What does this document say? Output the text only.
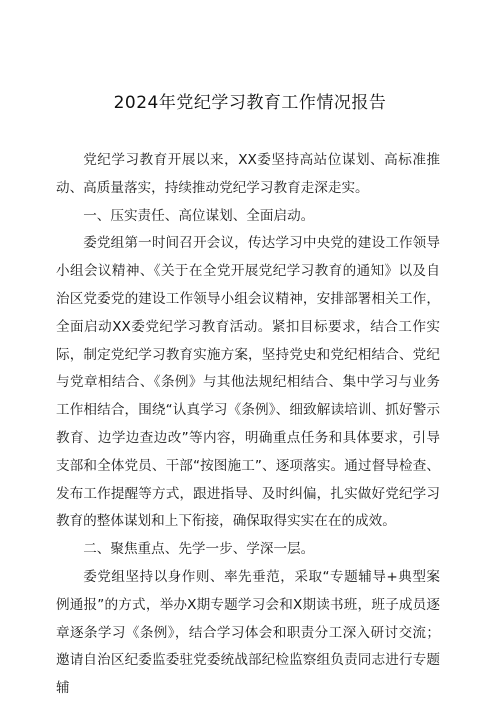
2024年党纪学习教育工作情况报告

党纪学习教育开展以来，XX委坚持高站位谋划、高标准推动、高质量落实，持续推动党纪学习教育走深走实。

一、压实责任、高位谋划、全面启动。

委党组第一时间召开会议，传达学习中央党的建设工作领导小组会议精神、《关于在全党开展党纪学习教育的通知》以及自治区党委党的建设工作领导小组会议精神，安排部署相关工作，全面启动XX委党纪学习教育活动。紧扣目标要求，结合工作实际，制定党纪学习教育实施方案，坚持党史和党纪相结合、党纪与党章相结合、《条例》与其他法规纪相结合、集中学习与业务工作相结合，围绕“认真学习《条例》、细致解读培训、抓好警示教育、边学边查边改”等内容，明确重点任务和具体要求，引导支部和全体党员、干部“按图施工”、逐项落实。通过督导检查、发布工作提醒等方式，跟进指导、及时纠偏，扎实做好党纪学习教育的整体谋划和上下衔接，确保取得实实在在的成效。

二、聚焦重点、先学一步、学深一层。

委党组坚持以身作则、率先垂范，采取“专题辅导+典型案例通报”的方式，举办X期专题学习会和X期读书班，班子成员逐章逐条学习《条例》，结合学习体会和职责分工深入研讨交流；邀请自治区纪委监委驻党委统战部纪检监察组负责同志进行专题辅
